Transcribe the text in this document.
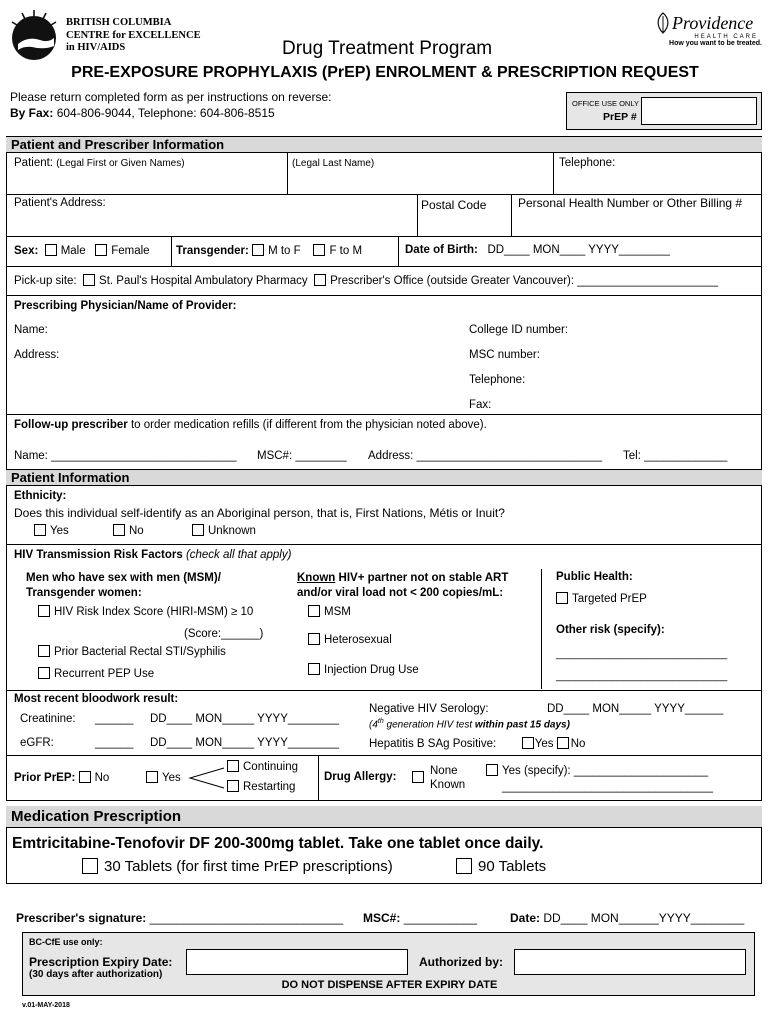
BRITISH COLUMBIA
CENTRE for EXCELLENCE
in HIV/AIDS	Drug Treatment Program
Providence
HEALTH CARE
How you want to be treated.
PRE-EXPOSURE PROPHYLAXIS (PrEP) ENROLMENT & PRESCRIPTION REQUEST
Please return completed form as per instructions on reverse:
By Fax: 604-806-9044, Telephone: 604-806-8515
OFFICE USE ONLY
PrEP #
Patient and Prescriber Information
Patient: (Legal First or Given Names)	(Legal Last Name)	Telephone:
Patient's Address:	Postal Code	Personal Health Number or Other Billing #
Sex: Male Female Transgender: M to F	F to M	Date of Birth: DD____ MON____ YYYY________
Pick-up site: St. Paul's Hospital Ambulatory Pharmacy Prescriber's Office (outside Greater Vancouver): ______________________
Prescribing Physician/Name of Provider:
Name:
Address:
College ID number:
MSC number:
Telephone:
Fax:
Follow-up prescriber to order medication refills (if different from the physician noted above).
Name: _____________________________ MSC#: ________ Address: _____________________________ Tel: _____________
Patient Information
Ethnicity:
Does this individual self-identify as an Aboriginal person, that is, First Nations, Métis or Inuit?
Yes	No	Unknown
HIV Transmission Risk Factors (check all that apply)
Men who have sex with men (MSM)/
Transgender women:
HIV Risk Index Score (HIRI-MSM) ≥ 10
(Score:______)
Prior Bacterial Rectal STI/Syphilis
Recurrent PEP Use
Known HIV+ partner not on stable ART
and/or viral load not < 200 copies/mL:
MSM
Heterosexual
Injection Drug Use
Public Health:
Targeted PrEP
Other risk (specify):
____________________________
____________________________
Most recent bloodwork result:
Creatinine: ______ DD____ MON_____ YYYY________
eGFR:	______ DD____ MON_____ YYYY________
Negative HIV Serology:	DD____ MON_____ YYYY______
(4th generation HIV test within past 15 days)
Hepatitis B SAg Positive:	Yes No
Prior PrEP: No	Yes
Continuing
Restarting
Drug Allergy:	None
Known
Yes (specify): _____________________
_________________________________
Medication Prescription
Emtricitabine-Tenofovir DF 200-300mg tablet. Take one tablet once daily.
30 Tablets (for first time PrEP prescriptions)	90 Tablets
Prescriber's signature: _____________________________ MSC#: ___________	Date: DD____ MON______YYYY________
BC-CfE use only:
Prescription Expiry Date:
(30 days after authorization)
Authorized by:
DO NOT DISPENSE AFTER EXPIRY DATE
v.01-MAY-2018
